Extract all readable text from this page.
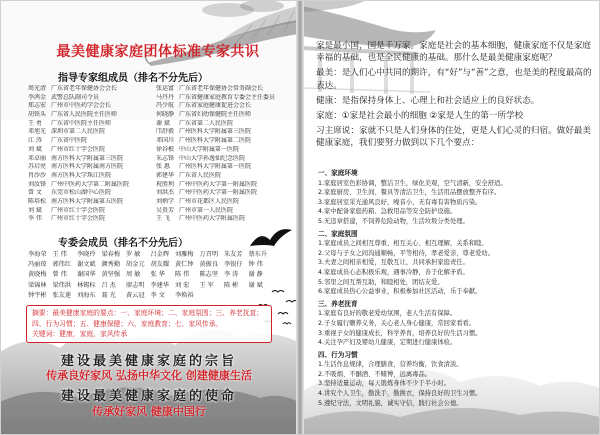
最美健康家庭团体标准专家共识
指导专家组成员（排名不分先后）
周光清 广东省老年保健协会会长	张运富 广东省老年保健协会常务副会长
李鸿金 武警总队副司令员	马丹丹 广东省健康家庭教育专委会主任委员
郑志宏 广州市中医药学会会长	冯少航 广东省家庭健康促进会会长
胡铁头 广东省人民医院主任医师	何晓静 广东省妇幼保健院主任医师
王 勇 广东省中医院主任医师	谢 斌 广东省第二人民医院
邓旭光 深圳市第二人民医院	邝舒毅 广州医科大学附属第三医院
江 涛 广东省中医院	邓国川 广州医科大学附属第二医院
刘 斌 广州市红十字会医院	徐谷根 中山大学附属第一医院
邓卓丽 南方医科大学附属第三医院	朱志锋 中山大学孙逸仙纪念医院
苏启亮 南方医科大学附属南方医院	张 惠 广州医科大学附属第一医院
肖沙沙 南方医科大学珠江医院	郭建华 广东省人民医院
刘汝锋 广州中医药大学第二附属医院	祝胜利 广州中医药大学第一附属医院
曾 文 东莞市松山湖中心医院	刘洪杰 广州中医药大学第一附属医院
陈培松 南方医科大学附属第五医院	刘炳学 广州市花都区人民医院
刘 斌 广州市红十字会医院	吴贵芳 广州市第一人民医院
李 伟 广州市红十字会医院	王 飞 广州中医药大学附属医院
专委会成员（排名不分先后）
李海荣 王 伟 李晓玲 梁春梅 罗 敏 吕金辉 刘雁梅 万召明 朱友芳 蔡东升
冯丽琼 郭伟红 谢文斌 颜秀勤 胡金元 胡友耀 黄仁钟 黄振良 李银仔 钟 伟
黄晓梅 曾 伟 谢国华 黄坚强 周 敏 张 华 陈 伟 陈志坚 李 涛 谢 静
梁锦林 梁伟洪 林锡标 吕 杰 廖志明 李建华 刘 宏 王 军 陈 彬 谢 斌
钟宇彬 张友莲 刘海东 聂 光 黄云冠 李 文 李焕裕
摘要：最美健康家庭的要点：一、家庭环境；二、家庭氛围；三、养老抚育；四、行为习惯；五、健康保健；六、家庭教育；七、家风传承。
关键词：健康，家庭，家风传承
建设最美健康家庭的宗旨
传承良好家风 弘扬中华文化 创建健康生活
建设最美健康家庭的使命
传承好家风 健康中国行

家是最小国，国是千万家。家庭是社会的基本细胞，健康家庭不仅是家庭幸福的基础，也是全民健康的基础。那什么是最美健康家庭呢？

最美：是人们心中共同的期许，有“好”与“善”之意，也是美的程度最高的表达。

健康：是指保持身体上、心理上和社会适应上的良好状态。

家庭：①家是社会最小的细胞 ②家是人生的第一所学校

习主席说：家就不只是人们身体的住处，更是人们心灵的归宿。做好最美健康家庭，我们要努力做到以下几个要点：

一、家庭环境
1.家庭居室色彩协调，整洁卫生，绿化美观，空气清新，安全舒适。
2.家庭厨房、卫生间、餐具等清洁卫生，生活用品摆放整齐有序。
3.家庭居室采光通风良好，噪音小，无有毒有害物质污染。
4.家中配备家庭药箱、急救用品等安全防护设施。
5.无违章搭建，不饲养危险动物，生活垃圾分类处理。
二、家庭氛围
1.家庭成员之间相互尊重、相互关心、相互理解，关系和睦。
2.父母与子女之间沟通顺畅，平等相待，孝老爱亲，尊老爱幼。
3.夫妻之间相亲相爱，互敬互让，共同承担家庭责任。
4.家庭成员心态积极乐观，遇事冷静，善于化解矛盾。
5.邻里之间互帮互助，和睦相处，团结友爱。
6.家庭成员热心公益事业，积极参加社区活动，乐于奉献。
三、养老抚育
1.家庭有良好的敬老爱幼氛围，老人生活有保障。
2.子女履行赡养义务，关心老人身心健康，常回家看看。
3.重视子女的健康成长，科学养育，培养良好的生活习惯。
4.关注孕产妇及婴幼儿健康，定期进行健康体检。
四、行为习惯
1.生活作息规律，合理膳食，营养均衡，饮食清淡。
2.不吸烟、不酗酒、不赌博，远离毒品。
3.坚持适量运动，每天锻炼身体不少于半小时。
4.讲究个人卫生，勤洗手，勤换衣，保持良好的卫生习惯。
5.遵纪守法，文明礼貌，诚实守信，践行社会公德。
